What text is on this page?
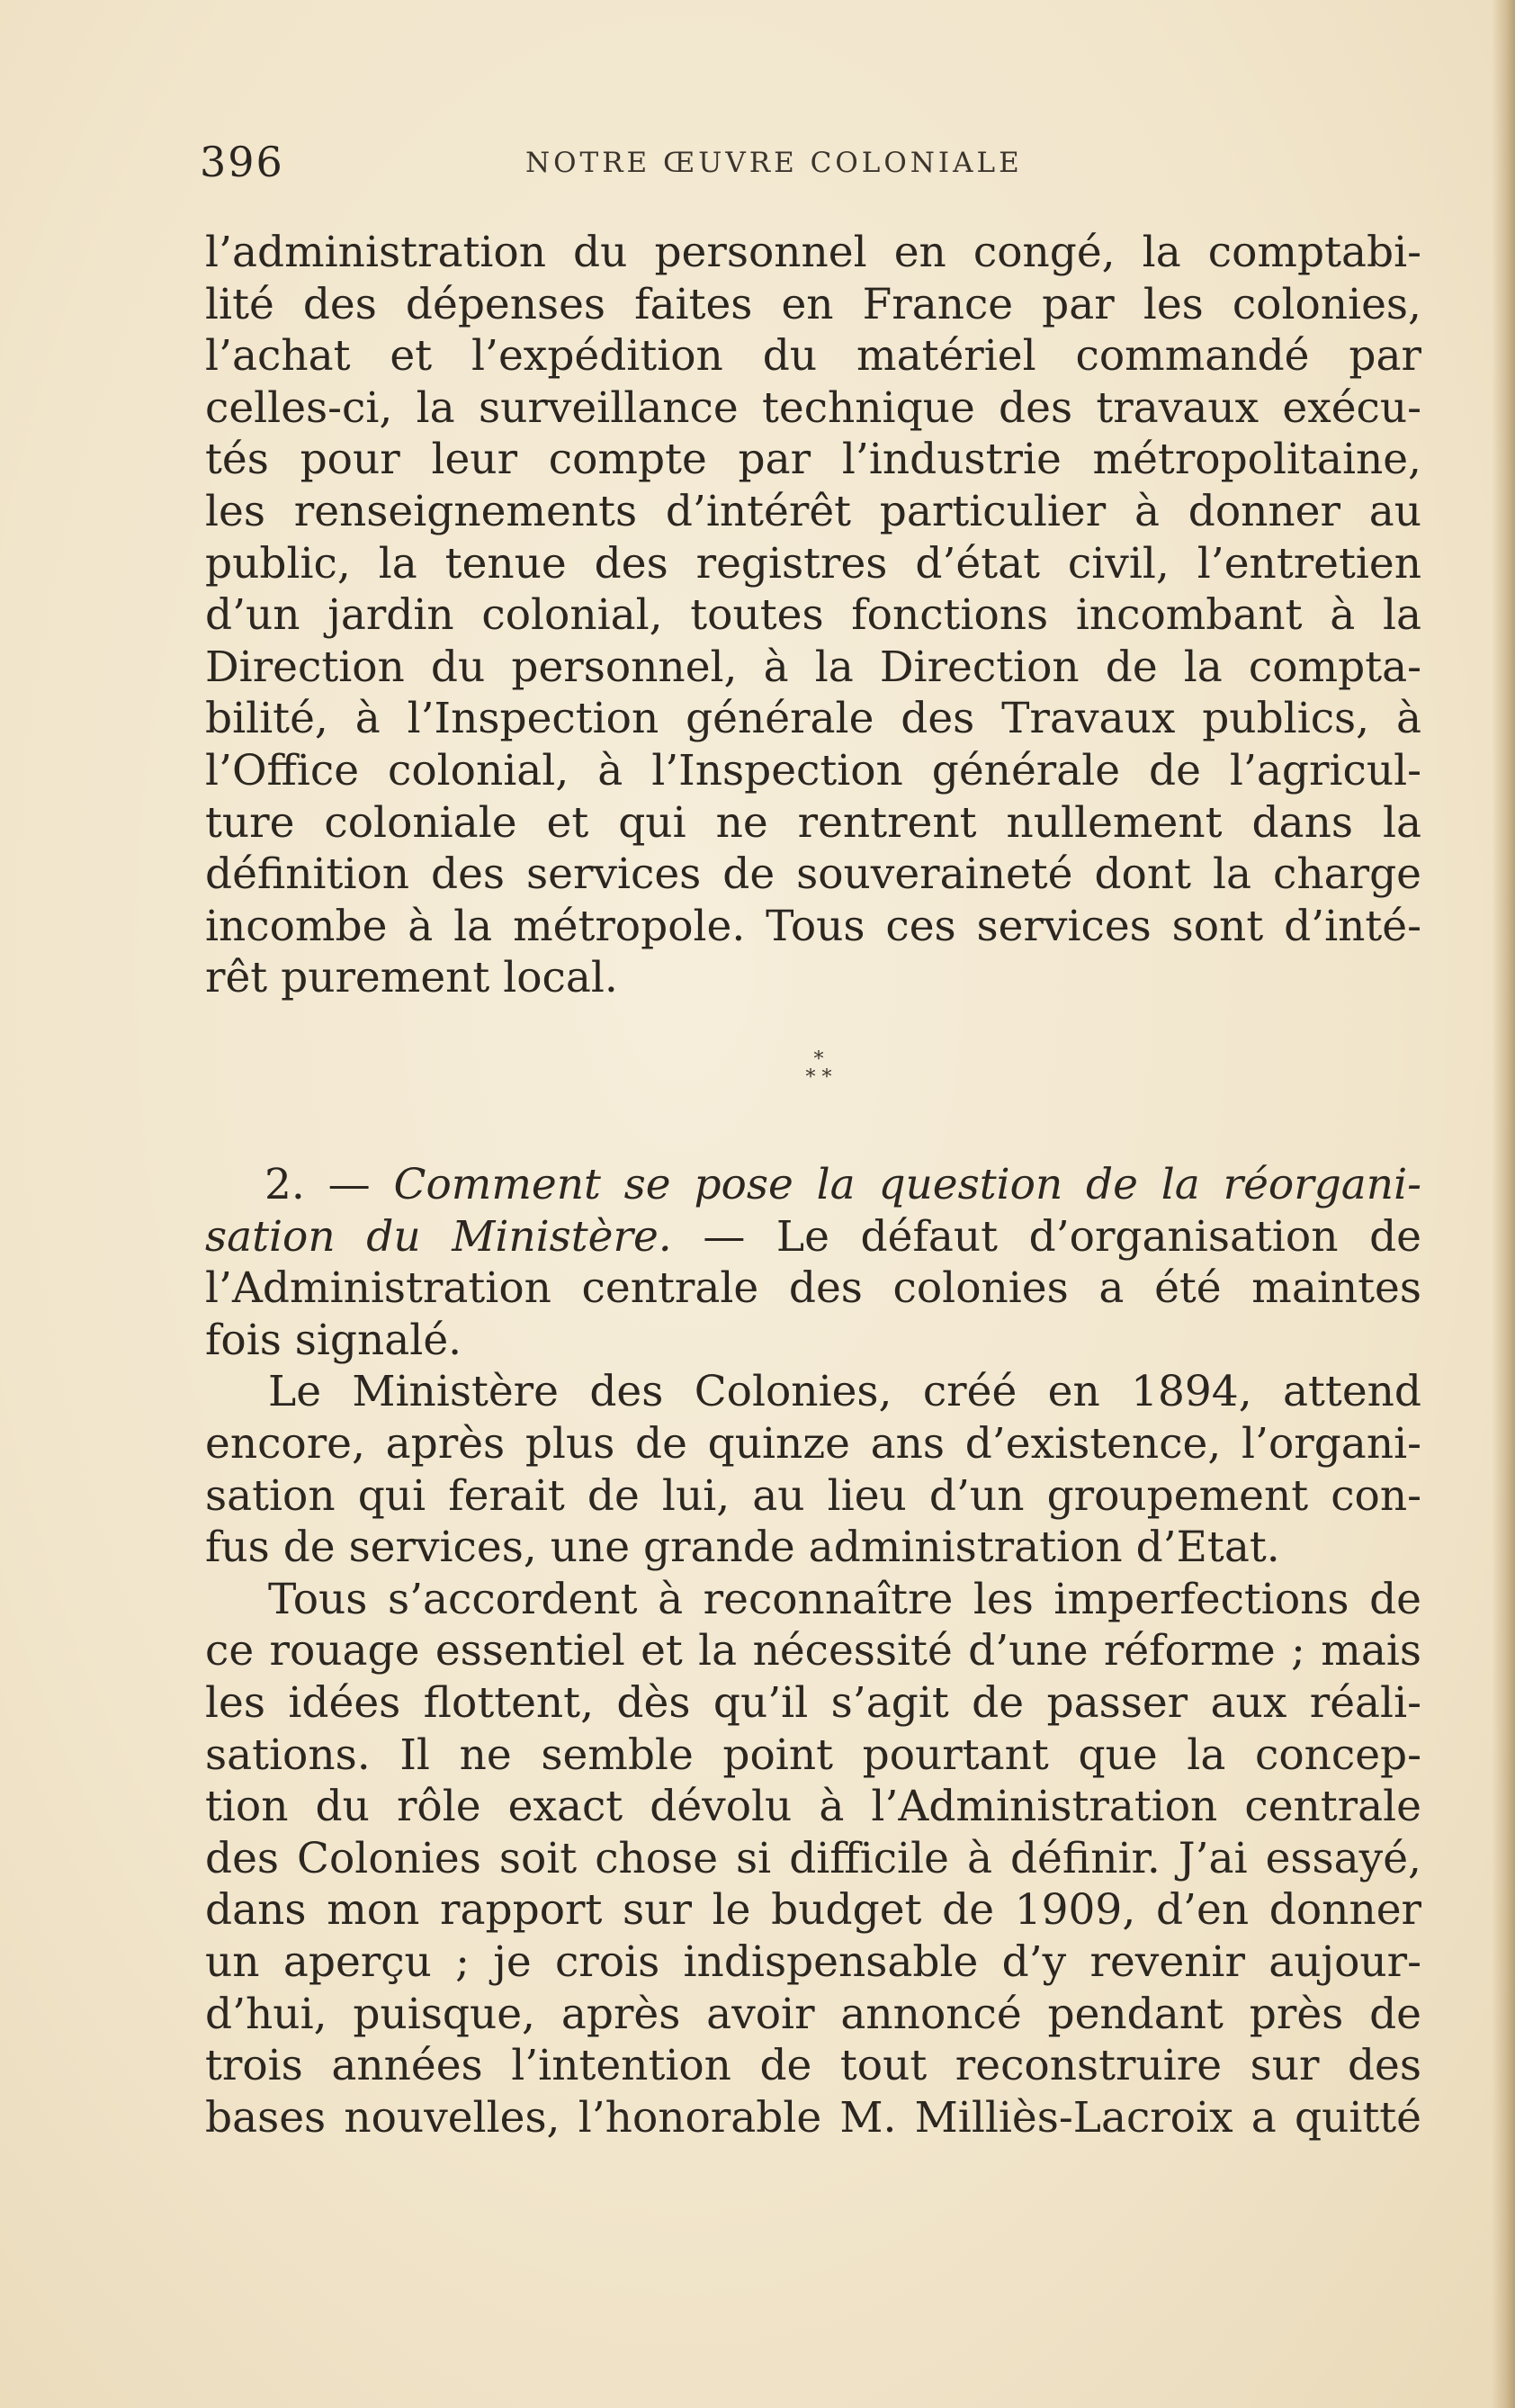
396	NOTRE ŒUVRE COLONIALE
l’administration du personnel en congé, la comptabi-
lité des dépenses faites en France par les colonies,
l’achat et l’expédition du matériel commandé par
celles-ci, la surveillance technique des travaux exécu-
tés pour leur compte par l’industrie métropolitaine,
les renseignements d’intérêt particulier à donner au
public, la tenue des registres d’état civil, l’entretien
d’un jardin colonial, toutes fonctions incombant à la
Direction du personnel, à la Direction de la compta-
bilité, à l’Inspection générale des Travaux publics, à
l’Office colonial, à l’Inspection générale de l’agricul-
ture coloniale et qui ne rentrent nullement dans la
définition des services de souveraineté dont la charge
incombe à la métropole. Tous ces services sont d’inté-
rêt purement local.
*
* *
2. — Comment se pose la question de la réorgani-
sation du Ministère. — Le défaut d’organisation de
l’Administration centrale des colonies a été maintes
fois signalé.
Le Ministère des Colonies, créé en 1894, attend
encore, après plus de quinze ans d’existence, l’organi-
sation qui ferait de lui, au lieu d’un groupement con-
fus de services, une grande administration d’Etat.
Tous s’accordent à reconnaître les imperfections de
ce rouage essentiel et la nécessité d’une réforme ; mais
les idées flottent, dès qu’il s’agit de passer aux réali-
sations. Il ne semble point pourtant que la concep-
tion du rôle exact dévolu à l’Administration centrale
des Colonies soit chose si difficile à définir. J’ai essayé,
dans mon rapport sur le budget de 1909, d’en donner
un aperçu ; je crois indispensable d’y revenir aujour-
d’hui, puisque, après avoir annoncé pendant près de
trois années l’intention de tout reconstruire sur des
bases nouvelles, l’honorable M. Milliès-Lacroix a quitté
